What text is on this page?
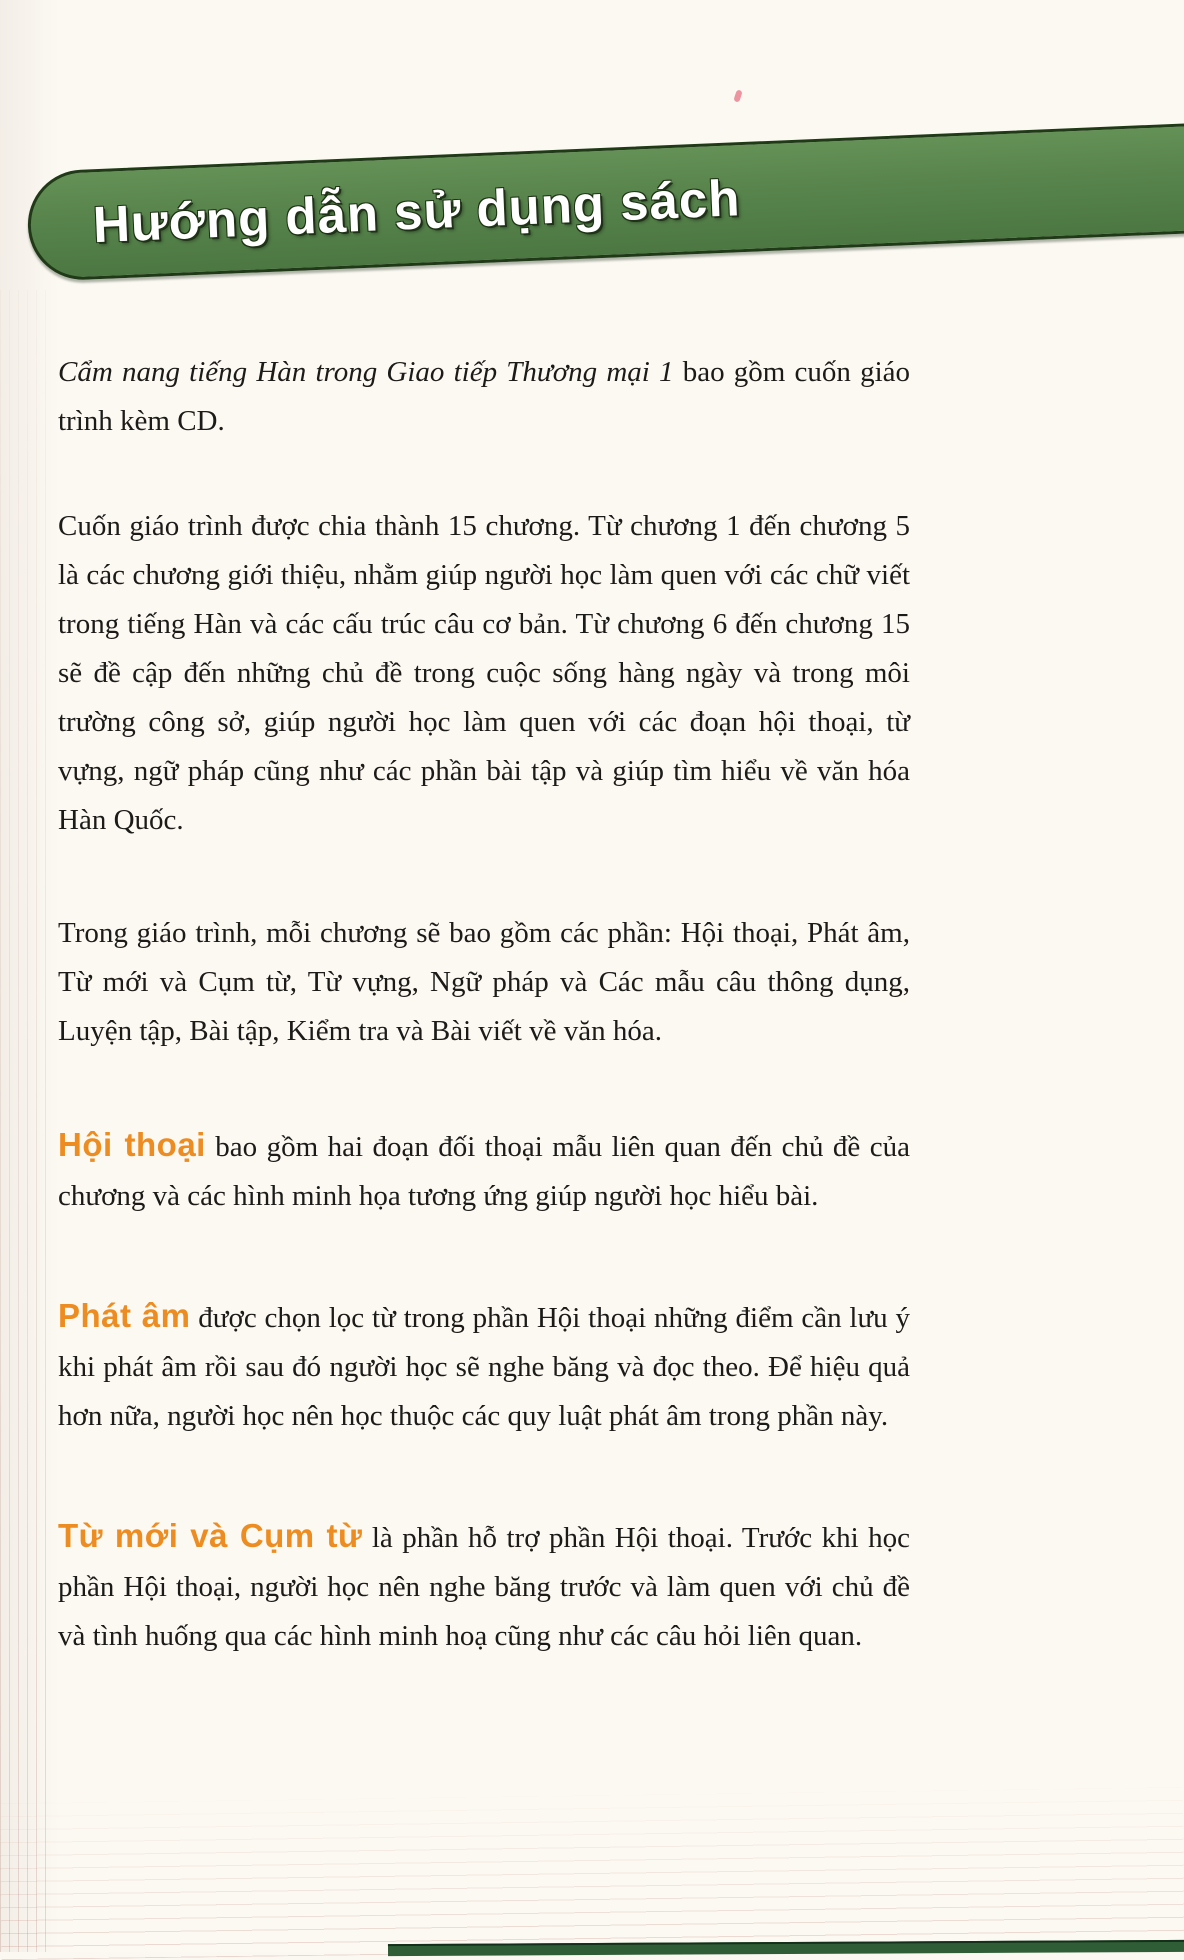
Hướng dẫn sử dụng sách

Cẩm nang tiếng Hàn trong Giao tiếp Thương mại 1 bao gồm cuốn giáo trình kèm CD.

Cuốn giáo trình được chia thành 15 chương. Từ chương 1 đến chương 5 là các chương giới thiệu, nhằm giúp người học làm quen với các chữ viết trong tiếng Hàn và các cấu trúc câu cơ bản. Từ chương 6 đến chương 15 sẽ đề cập đến những chủ đề trong cuộc sống hàng ngày và trong môi trường công sở, giúp người học làm quen với các đoạn hội thoại, từ vựng, ngữ pháp cũng như các phần bài tập và giúp tìm hiểu về văn hóa Hàn Quốc.

Trong giáo trình, mỗi chương sẽ bao gồm các phần: Hội thoại, Phát âm, Từ mới và Cụm từ, Từ vựng, Ngữ pháp và Các mẫu câu thông dụng, Luyện tập, Bài tập, Kiểm tra và Bài viết về văn hóa.

Hội thoại bao gồm hai đoạn đối thoại mẫu liên quan đến chủ đề của chương và các hình minh họa tương ứng giúp người học hiểu bài.

Phát âm được chọn lọc từ trong phần Hội thoại những điểm cần lưu ý khi phát âm rồi sau đó người học sẽ nghe băng và đọc theo. Để hiệu quả hơn nữa, người học nên học thuộc các quy luật phát âm trong phần này.

Từ mới và Cụm từ là phần hỗ trợ phần Hội thoại. Trước khi học phần Hội thoại, người học nên nghe băng trước và làm quen với chủ đề và tình huống qua các hình minh hoạ cũng như các câu hỏi liên quan.
